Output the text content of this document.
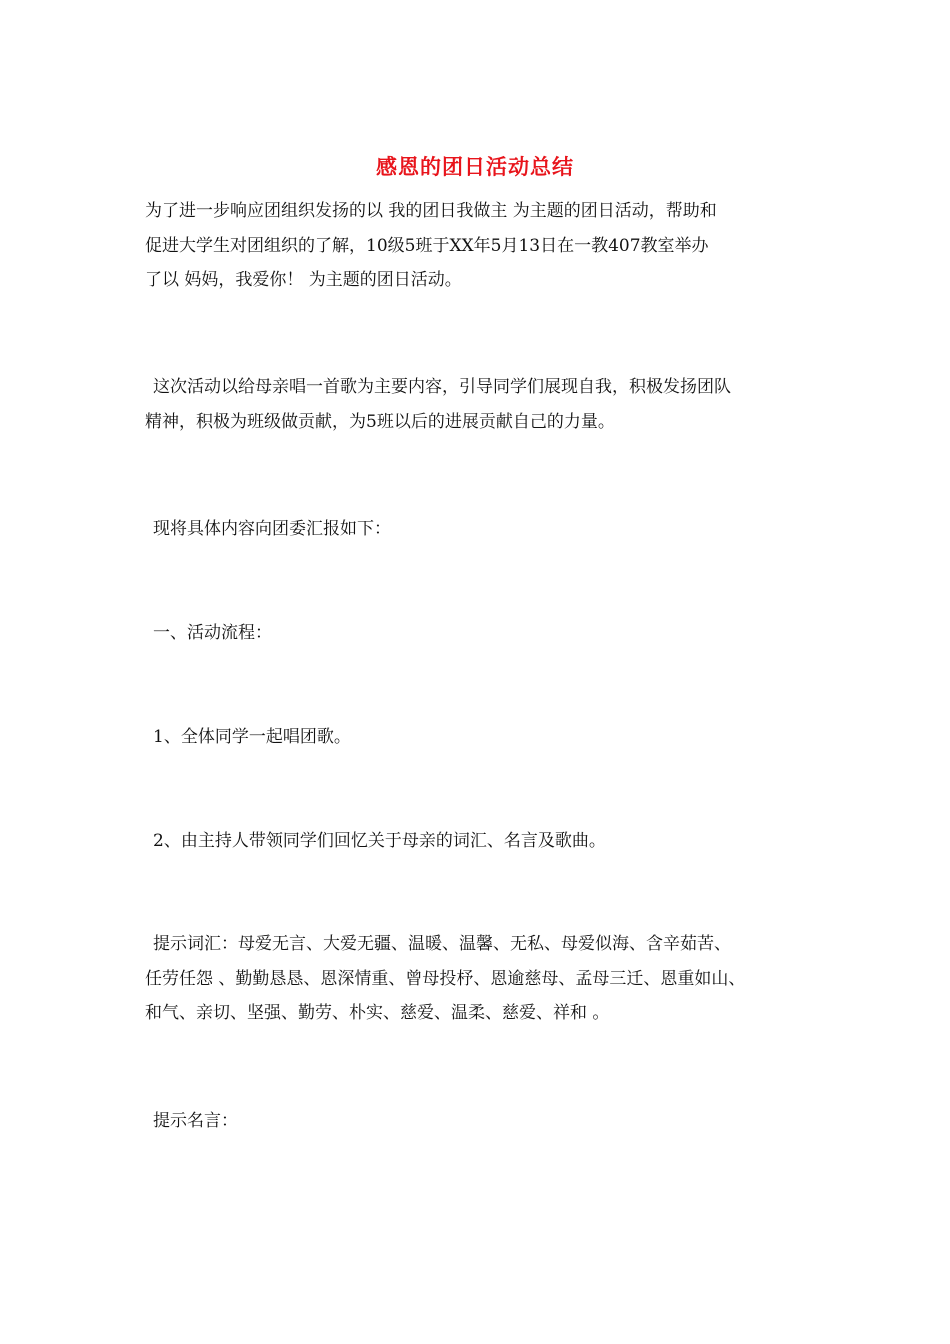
感恩的团日活动总结

为了进一步响应团组织发扬的以 我的团日我做主 为主题的团日活动，帮助和
促进大学生对团组织的了解，10级5班于XX年5月13日在一教407教室举办
了以 妈妈，我爱你！ 为主题的团日活动。

这次活动以给母亲唱一首歌为主要内容，引导同学们展现自我，积极发扬团队
精神，积极为班级做贡献，为5班以后的进展贡献自己的力量。

现将具体内容向团委汇报如下：

一、活动流程：

1、全体同学一起唱团歌。

2、由主持人带领同学们回忆关于母亲的词汇、名言及歌曲。

提示词汇：母爱无言、大爱无疆、温暖、温馨、无私、母爱似海、含辛茹苦、
任劳任怨 、勤勤恳恳、恩深情重、曾母投杼、恩逾慈母、孟母三迁、恩重如山、
和气、亲切、坚强、勤劳、朴实、慈爱、温柔、慈爱、祥和 。

提示名言：
